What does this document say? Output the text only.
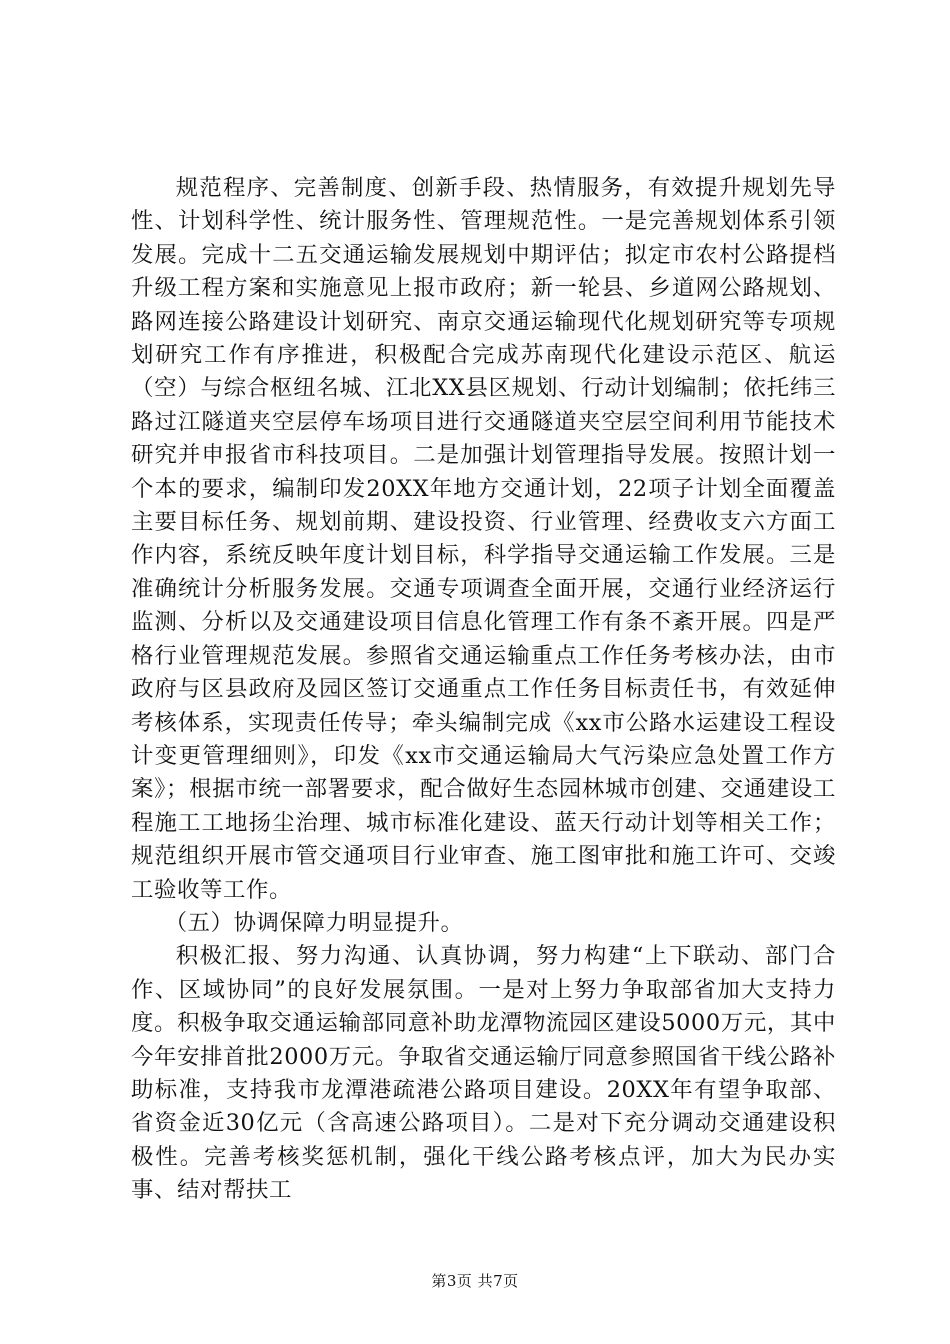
规范程序、完善制度、创新手段、热情服务，有效提升规划先导性、计划科学性、统计服务性、管理规范性。一是完善规划体系引领发展。完成十二五交通运输发展规划中期评估；拟定市农村公路提档升级工程方案和实施意见上报市政府；新一轮县、乡道网公路规划、路网连接公路建设计划研究、南京交通运输现代化规划研究等专项规划研究工作有序推进，积极配合完成苏南现代化建设示范区、航运（空）与综合枢纽名城、江北XX县区规划、行动计划编制；依托纬三路过江隧道夹空层停车场项目进行交通隧道夹空层空间利用节能技术研究并申报省市科技项目。二是加强计划管理指导发展。按照计划一个本的要求，编制印发20XX年地方交通计划，22项子计划全面覆盖主要目标任务、规划前期、建设投资、行业管理、经费收支六方面工作内容，系统反映年度计划目标，科学指导交通运输工作发展。三是准确统计分析服务发展。交通专项调查全面开展，交通行业经济运行监测、分析以及交通建设项目信息化管理工作有条不紊开展。四是严格行业管理规范发展。参照省交通运输重点工作任务考核办法，由市政府与区县政府及园区签订交通重点工作任务目标责任书，有效延伸考核体系，实现责任传导；牵头编制完成《xx市公路水运建设工程设计变更管理细则》，印发《xx市交通运输局大气污染应急处置工作方案》；根据市统一部署要求，配合做好生态园林城市创建、交通建设工程施工工地扬尘治理、城市标准化建设、蓝天行动计划等相关工作；规范组织开展市管交通项目行业审查、施工图审批和施工许可、交竣工验收等工作。

（五）协调保障力明显提升。

积极汇报、努力沟通、认真协调，努力构建“上下联动、部门合作、区域协同”的良好发展氛围。一是对上努力争取部省加大支持力度。积极争取交通运输部同意补助龙潭物流园区建设5000万元，其中今年安排首批2000万元。争取省交通运输厅同意参照国省干线公路补助标准，支持我市龙潭港疏港公路项目建设。20XX年有望争取部、省资金近30亿元（含高速公路项目）。二是对下充分调动交通建设积极性。完善考核奖惩机制，强化干线公路考核点评，加大为民办实事、结对帮扶工

第3页 共7页
